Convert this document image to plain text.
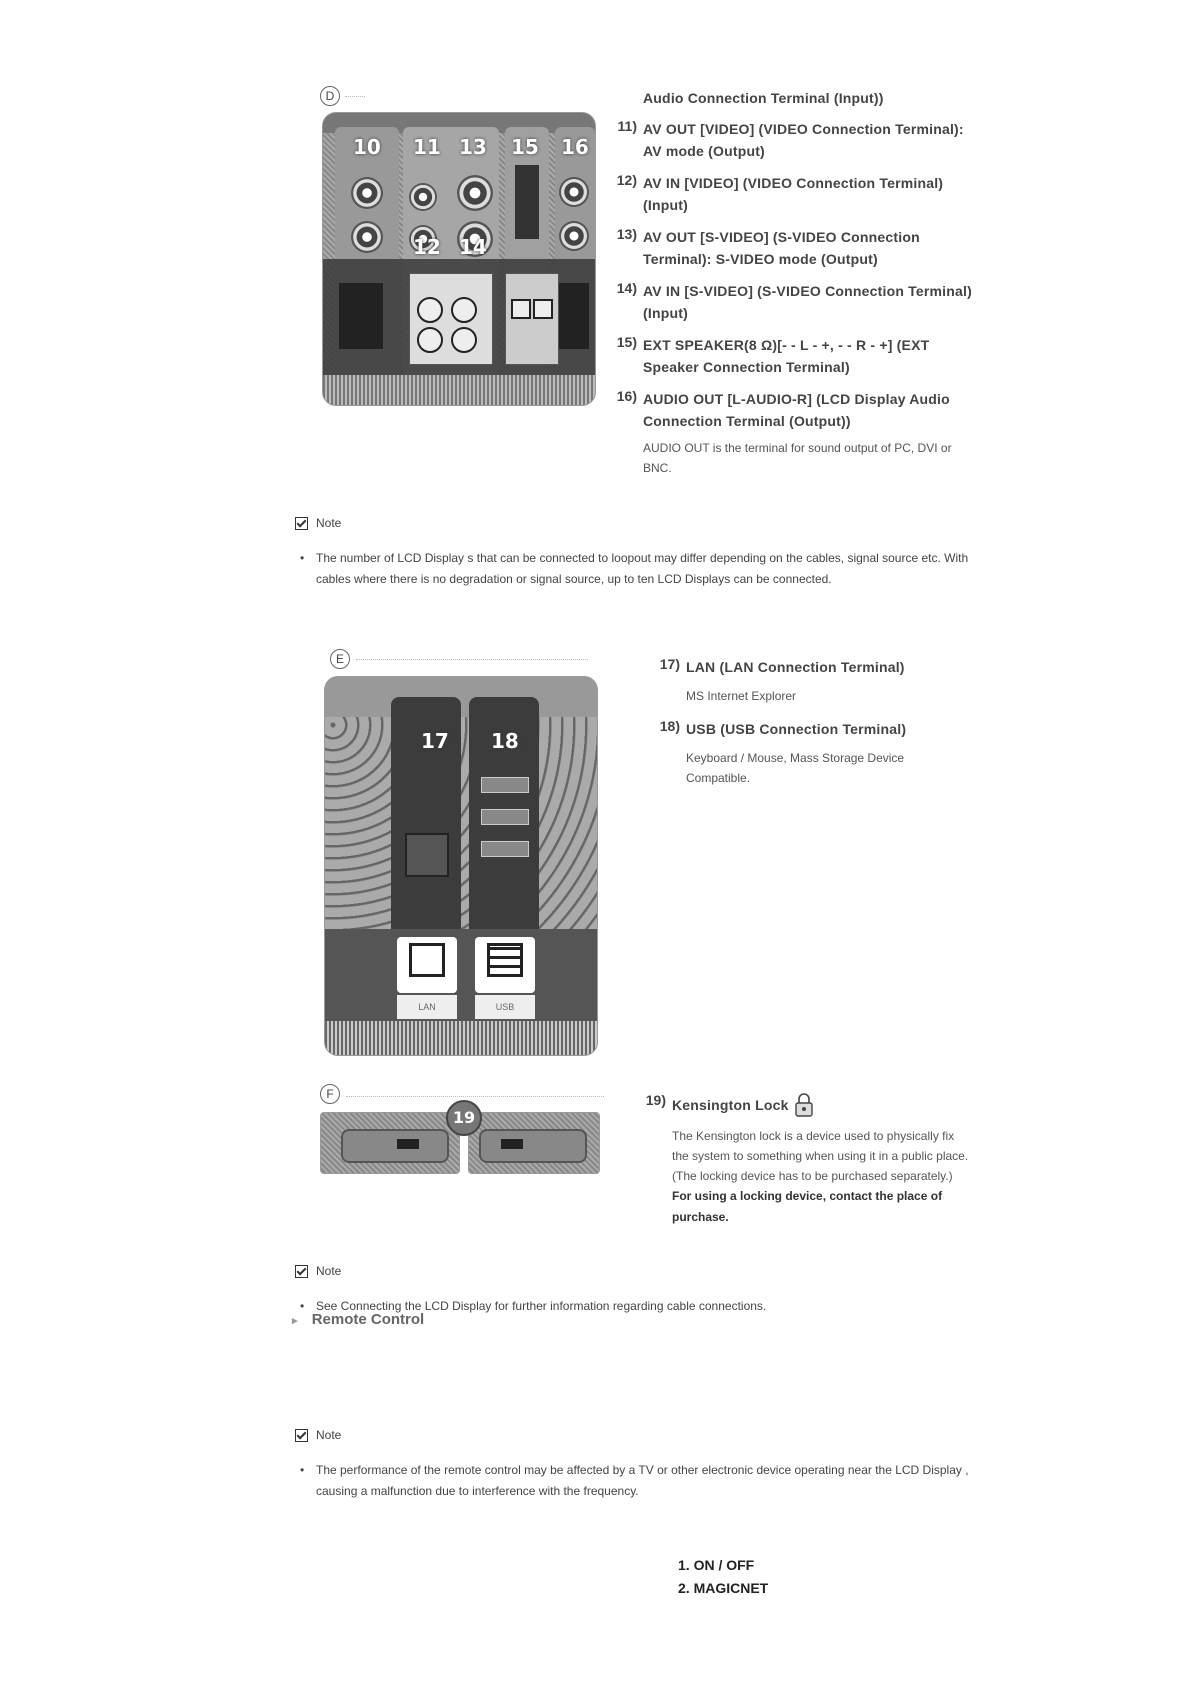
D
10 11 13 15 16
12 14
Audio Connection Terminal (Input))
11) AV OUT [VIDEO] (VIDEO Connection Terminal): AV mode (Output)
12) AV IN [VIDEO] (VIDEO Connection Terminal) (Input)
13) AV OUT [S-VIDEO] (S-VIDEO Connection Terminal): S-VIDEO mode (Output)
14) AV IN [S-VIDEO] (S-VIDEO Connection Terminal) (Input)
15) EXT SPEAKER(8 Ω)[- - L - +, - - R - +] (EXT Speaker Connection Terminal)
16) AUDIO OUT [L-AUDIO-R] (LCD Display Audio Connection Terminal (Output))
AUDIO OUT is the terminal for sound output of PC, DVI or BNC.
Note
• The number of LCD Display s that can be connected to loopout may differ depending on the cables, signal source etc. With cables where there is no degradation or signal source, up to ten LCD Displays can be connected.
E
LAN	USB
17 18
17) LAN (LAN Connection Terminal)
MS Internet Explorer
18) USB (USB Connection Terminal)
Keyboard / Mouse, Mass Storage Device Compatible.
F
19
19) Kensington Lock
The Kensington lock is a device used to physically fix the system to something when using it in a public place. (The locking device has to be purchased separately.)
For using a locking device, contact the place of purchase.
Note
• See Connecting the LCD Display for further information regarding cable connections.
▸ Remote Control
Note
• The performance of the remote control may be affected by a TV or other electronic device operating near the LCD Display , causing a malfunction due to interference with the frequency.
1. ON / OFF
2. MAGICNET
